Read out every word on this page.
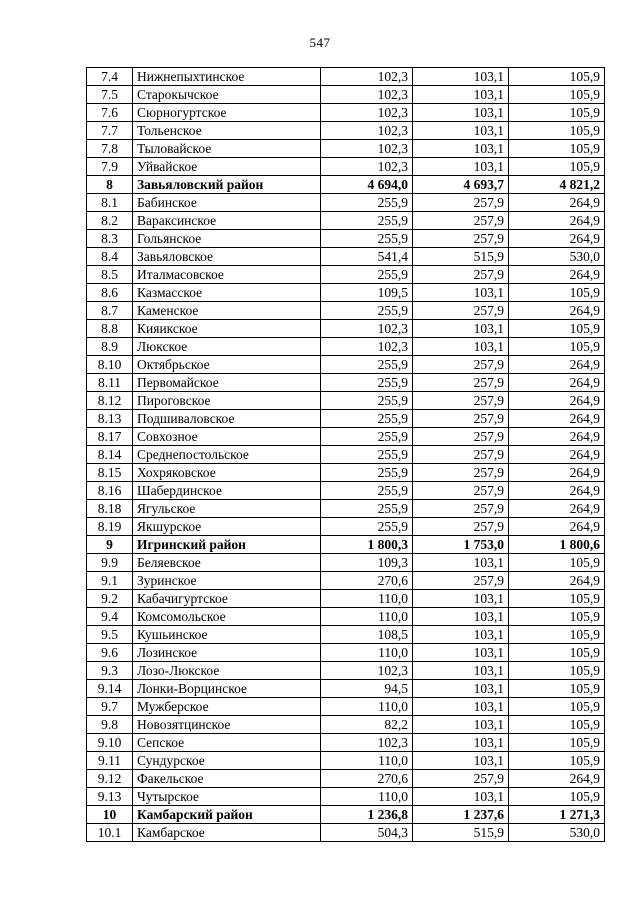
547
7.4	Нижнепыхтинское	102,3	103,1	105,9
7.5	Старокычское	102,3	103,1	105,9
7.6	Сюрногуртское	102,3	103,1	105,9
7.7	Тольенское	102,3	103,1	105,9
7.8	Тыловайское	102,3	103,1	105,9
7.9	Уйвайское	102,3	103,1	105,9
8	Завьяловский район	4 694,0	4 693,7	4 821,2
8.1	Бабинское	255,9	257,9	264,9
8.2	Вараксинское	255,9	257,9	264,9
8.3	Гольянское	255,9	257,9	264,9
8.4	Завьяловское	541,4	515,9	530,0
8.5	Италмасовское	255,9	257,9	264,9
8.6	Казмасское	109,5	103,1	105,9
8.7	Каменское	255,9	257,9	264,9
8.8	Кияикское	102,3	103,1	105,9
8.9	Люкское	102,3	103,1	105,9
8.10	Октябрьское	255,9	257,9	264,9
8.11	Первомайское	255,9	257,9	264,9
8.12	Пироговское	255,9	257,9	264,9
8.13	Подшиваловское	255,9	257,9	264,9
8.17	Совхозное	255,9	257,9	264,9
8.14	Среднепостольское	255,9	257,9	264,9
8.15	Хохряковское	255,9	257,9	264,9
8.16	Шабердинское	255,9	257,9	264,9
8.18	Ягульское	255,9	257,9	264,9
8.19	Якшурское	255,9	257,9	264,9
9	Игринский район	1 800,3	1 753,0	1 800,6
9.9	Беляевское	109,3	103,1	105,9
9.1	Зуринское	270,6	257,9	264,9
9.2	Кабачигуртское	110,0	103,1	105,9
9.4	Комсомольское	110,0	103,1	105,9
9.5	Кушьинское	108,5	103,1	105,9
9.6	Лозинское	110,0	103,1	105,9
9.3	Лозо-Люкское	102,3	103,1	105,9
9.14	Лонки-Ворцинское	94,5	103,1	105,9
9.7	Мужберское	110,0	103,1	105,9
9.8	Новозятцинское	82,2	103,1	105,9
9.10	Сепское	102,3	103,1	105,9
9.11	Сундурское	110,0	103,1	105,9
9.12	Факельское	270,6	257,9	264,9
9.13	Чутырское	110,0	103,1	105,9
10	Камбарский район	1 236,8	1 237,6	1 271,3
10.1	Камбарское	504,3	515,9	530,0
